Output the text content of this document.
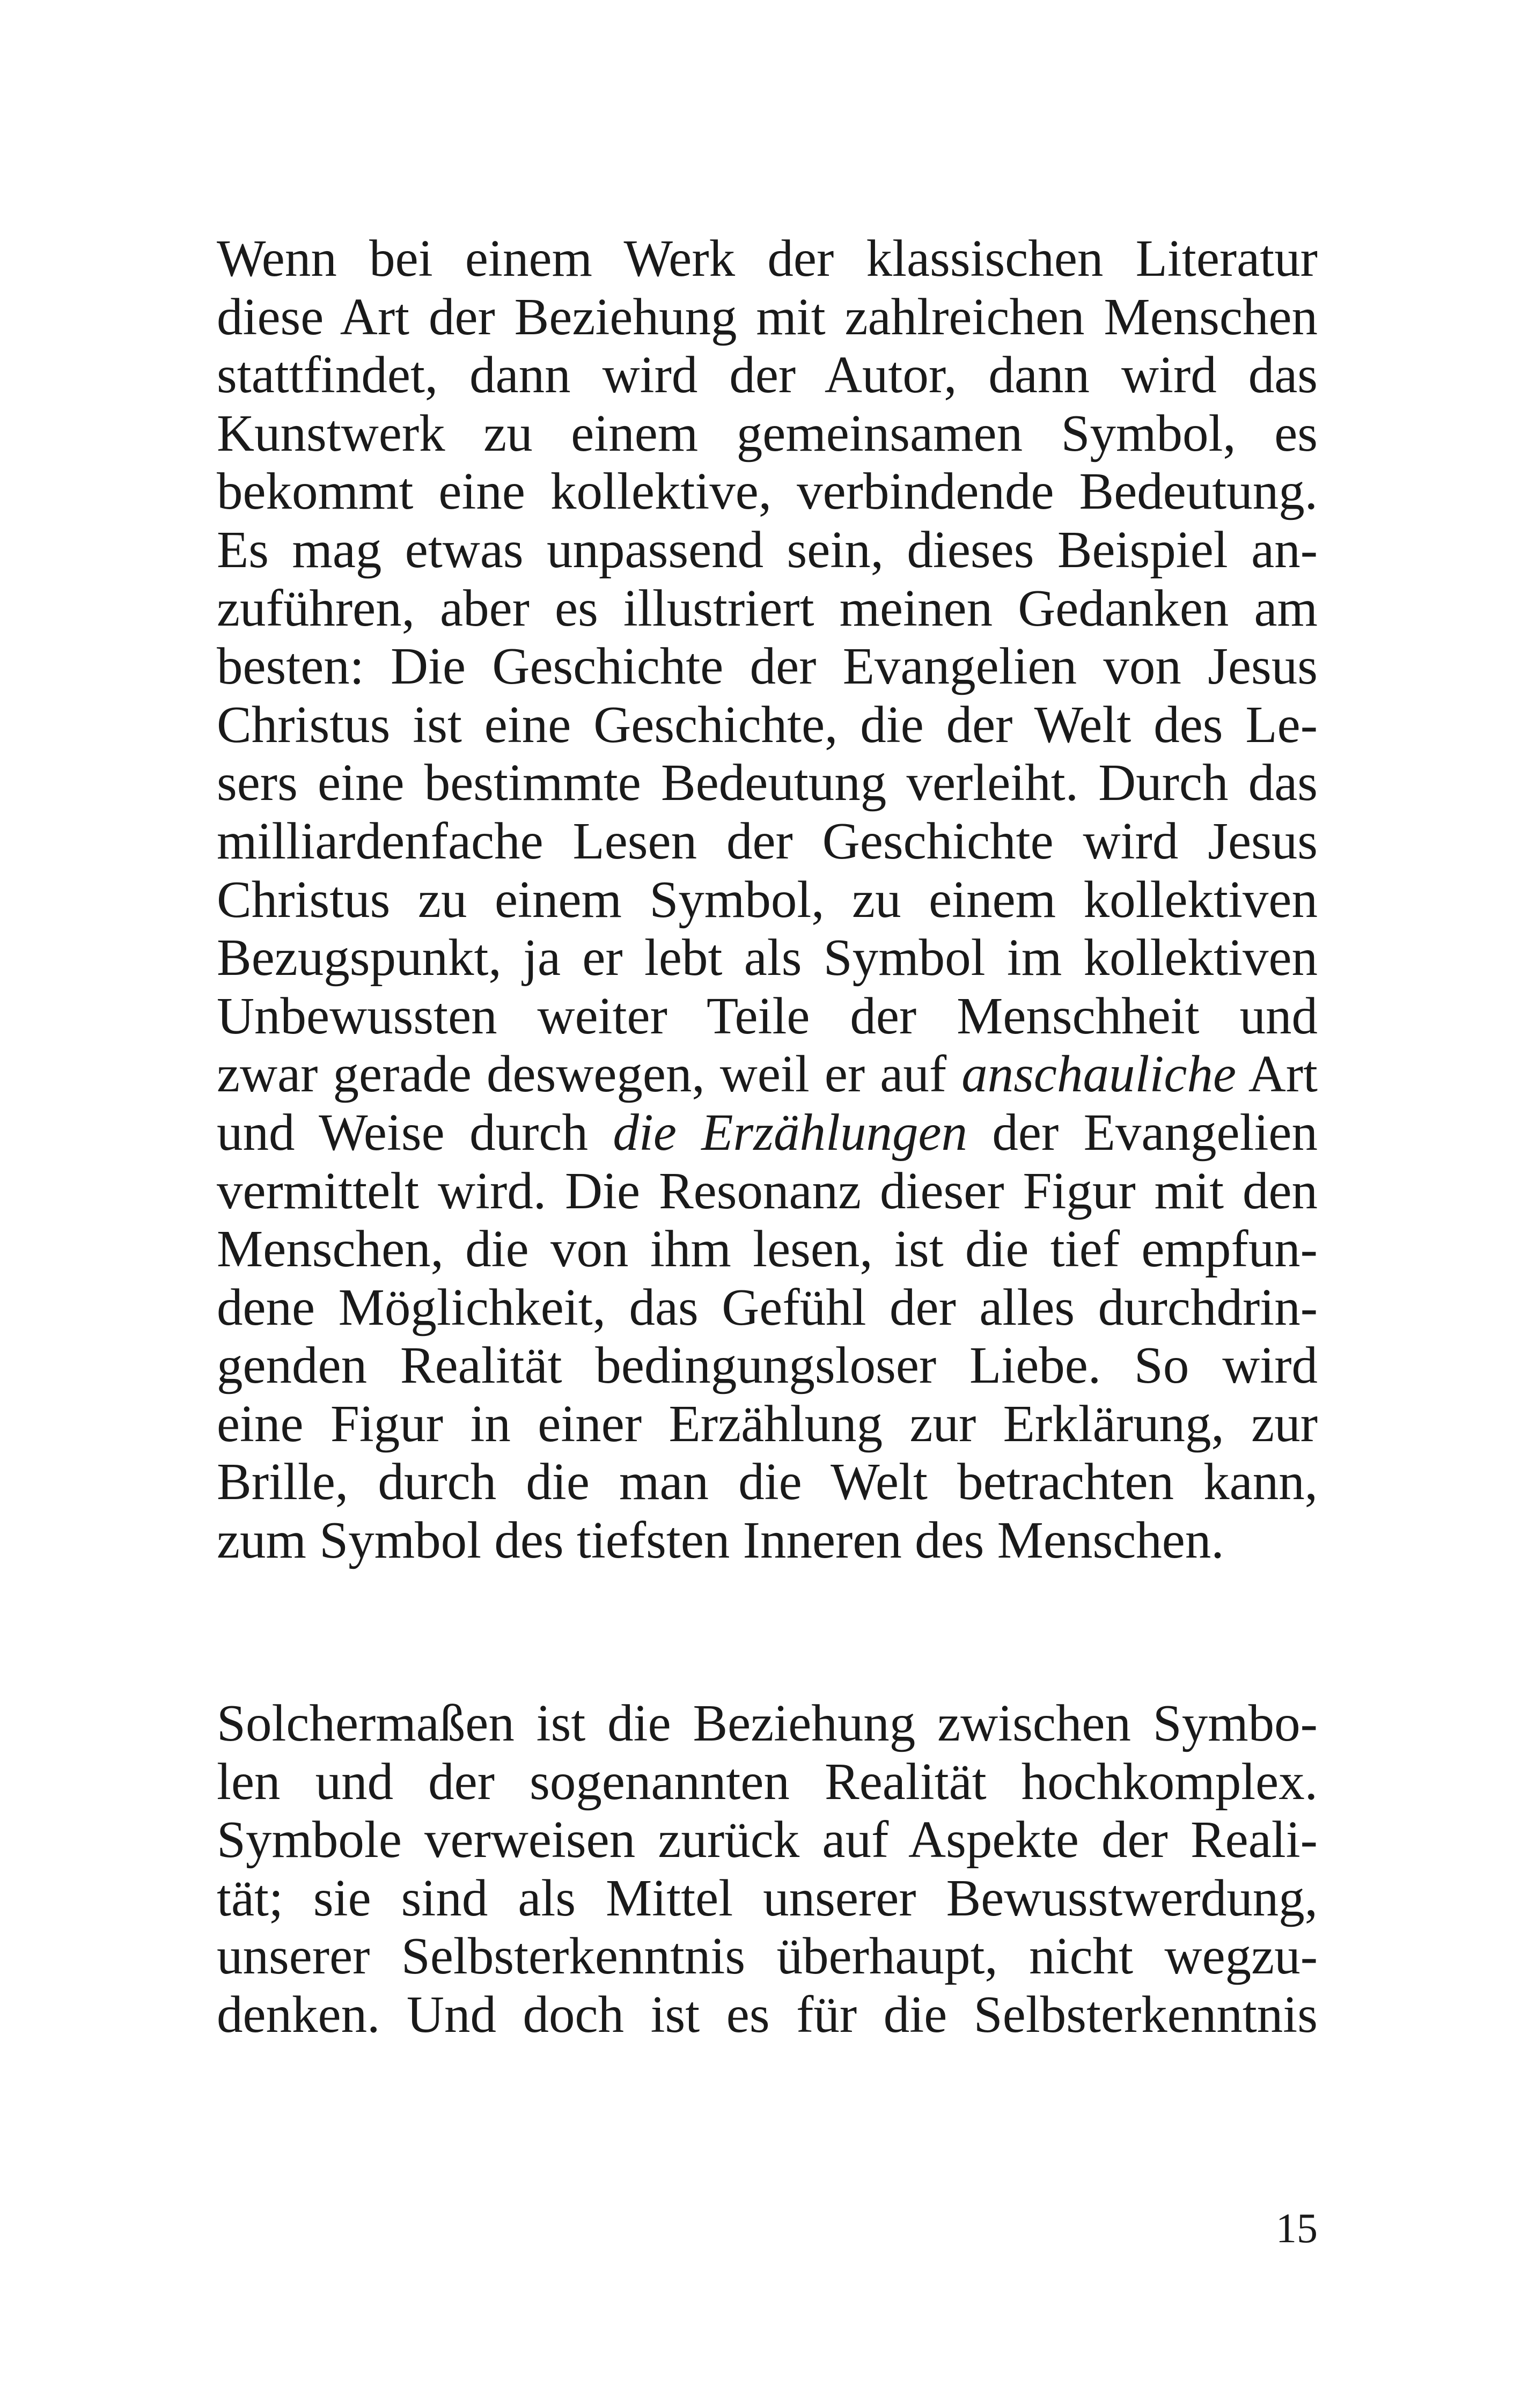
Wenn bei einem Werk der klassischen Literatur
diese Art der Beziehung mit zahlreichen Menschen
stattfindet, dann wird der Autor, dann wird das
Kunstwerk zu einem gemeinsamen Symbol, es
bekommt eine kollektive, verbindende Bedeutung.
Es mag etwas unpassend sein, dieses Beispiel an-
zuführen, aber es illustriert meinen Gedanken am
besten: Die Geschichte der Evangelien von Jesus
Christus ist eine Geschichte, die der Welt des Le-
sers eine bestimmte Bedeutung verleiht. Durch das
milliardenfache Lesen der Geschichte wird Jesus
Christus zu einem Symbol, zu einem kollektiven
Bezugspunkt, ja er lebt als Symbol im kollektiven
Unbewussten weiter Teile der Menschheit und
zwar gerade deswegen, weil er auf anschauliche Art
und Weise durch die Erzählungen der Evangelien
vermittelt wird. Die Resonanz dieser Figur mit den
Menschen, die von ihm lesen, ist die tief empfun-
dene Möglichkeit, das Gefühl der alles durchdrin-
genden Realität bedingungsloser Liebe. So wird
eine Figur in einer Erzählung zur Erklärung, zur
Brille, durch die man die Welt betrachten kann,
zum Symbol des tiefsten Inneren des Menschen.

Solchermaßen ist die Beziehung zwischen Symbo-
len und der sogenannten Realität hochkomplex.
Symbole verweisen zurück auf Aspekte der Reali-
tät; sie sind als Mittel unserer Bewusstwerdung,
unserer Selbsterkenntnis überhaupt, nicht wegzu-
denken. Und doch ist es für die Selbsterkenntnis

15
